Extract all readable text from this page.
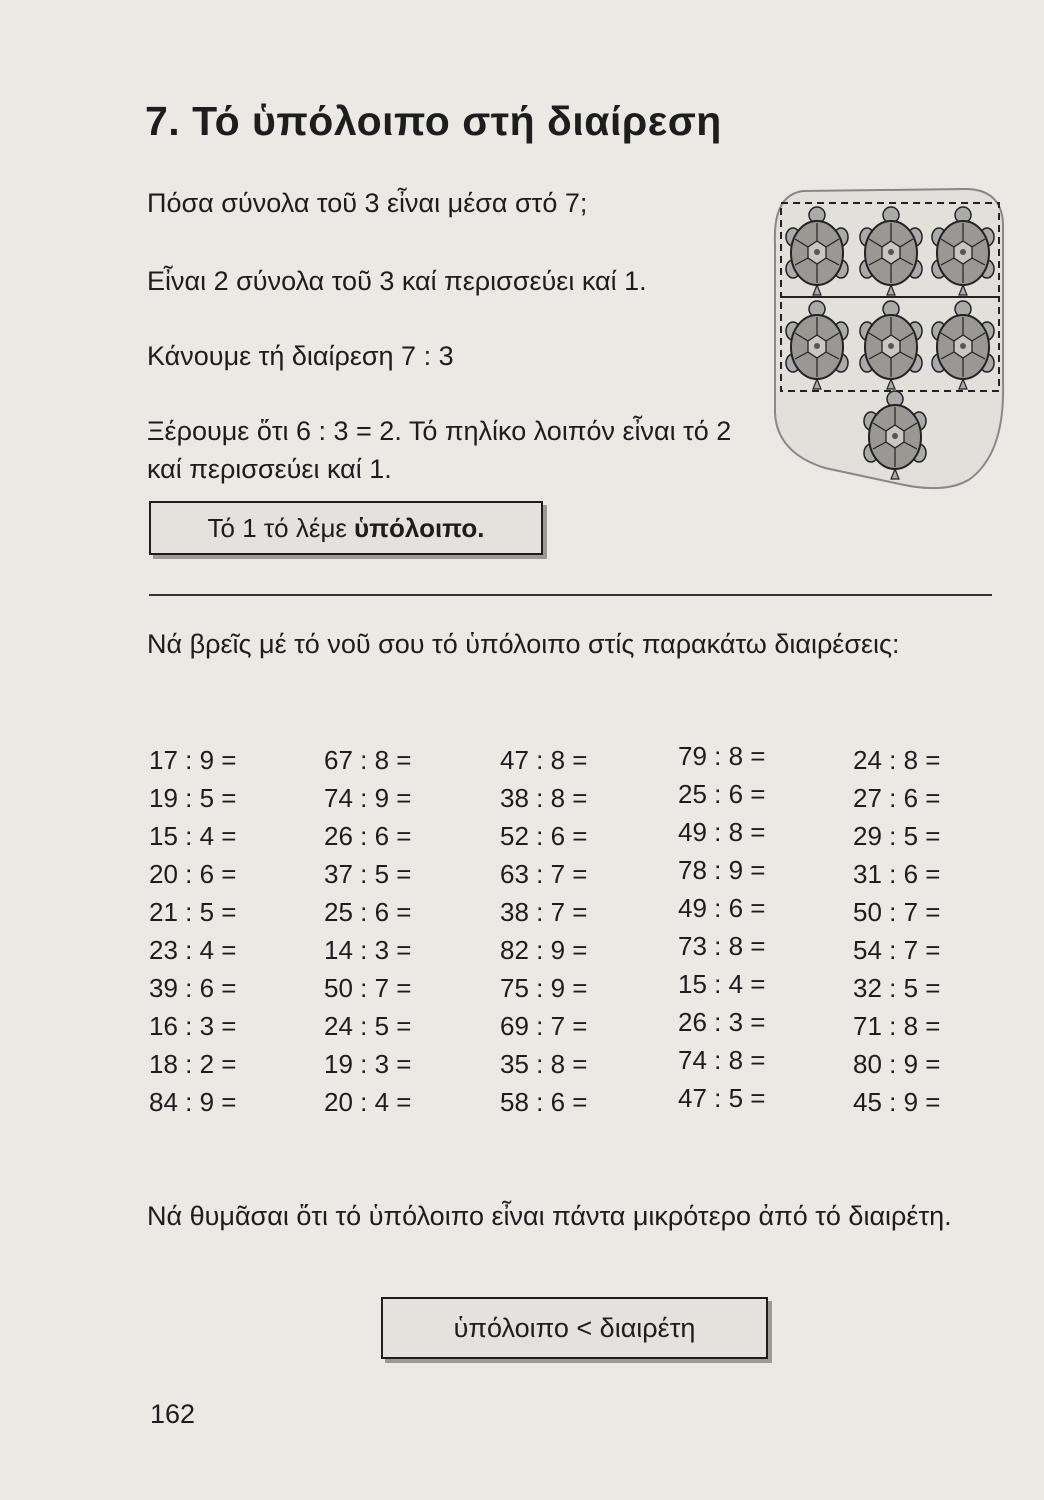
7. Τό ὑπόλοιπο στή διαίρεση

Πόσα σύνολα τοῦ 3 εἶναι μέσα στό 7;

Εἶναι 2 σύνολα τοῦ 3 καί περισσεύει καί 1.

Κάνουμε τή διαίρεση 7 : 3

Ξέρουμε ὅτι 6 : 3 = 2. Τό πηλίκο λοιπόν εἶναι τό 2 καί περισσεύει καί 1.

Τό 1 τό λέμε ὑπόλοιπο.

Νά βρεῖς μέ τό νοῦ σου τό ὑπόλοιπο στίς παρακάτω διαιρέσεις:

17 : 9 =
19 : 5 =
15 : 4 =
20 : 6 =
21 : 5 =
23 : 4 =
39 : 6 =
16 : 3 =
18 : 2 =
84 : 9 =
67 : 8 =
74 : 9 =
26 : 6 =
37 : 5 =
25 : 6 =
14 : 3 =
50 : 7 =
24 : 5 =
19 : 3 =
20 : 4 =
47 : 8 =
38 : 8 =
52 : 6 =
63 : 7 =
38 : 7 =
82 : 9 =
75 : 9 =
69 : 7 =
35 : 8 =
58 : 6 =
79 : 8 =
25 : 6 =
49 : 8 =
78 : 9 =
49 : 6 =
73 : 8 =
15 : 4 =
26 : 3 =
74 : 8 =
47 : 5 =
24 : 8 =
27 : 6 =
29 : 5 =
31 : 6 =
50 : 7 =
54 : 7 =
32 : 5 =
71 : 8 =
80 : 9 =
45 : 9 =

Νά θυμᾶσαι ὅτι τό ὑπόλοιπο εἶναι πάντα μικρότερο ἀπό τό διαιρέτη.

ὑπόλοιπο < διαιρέτη
162
